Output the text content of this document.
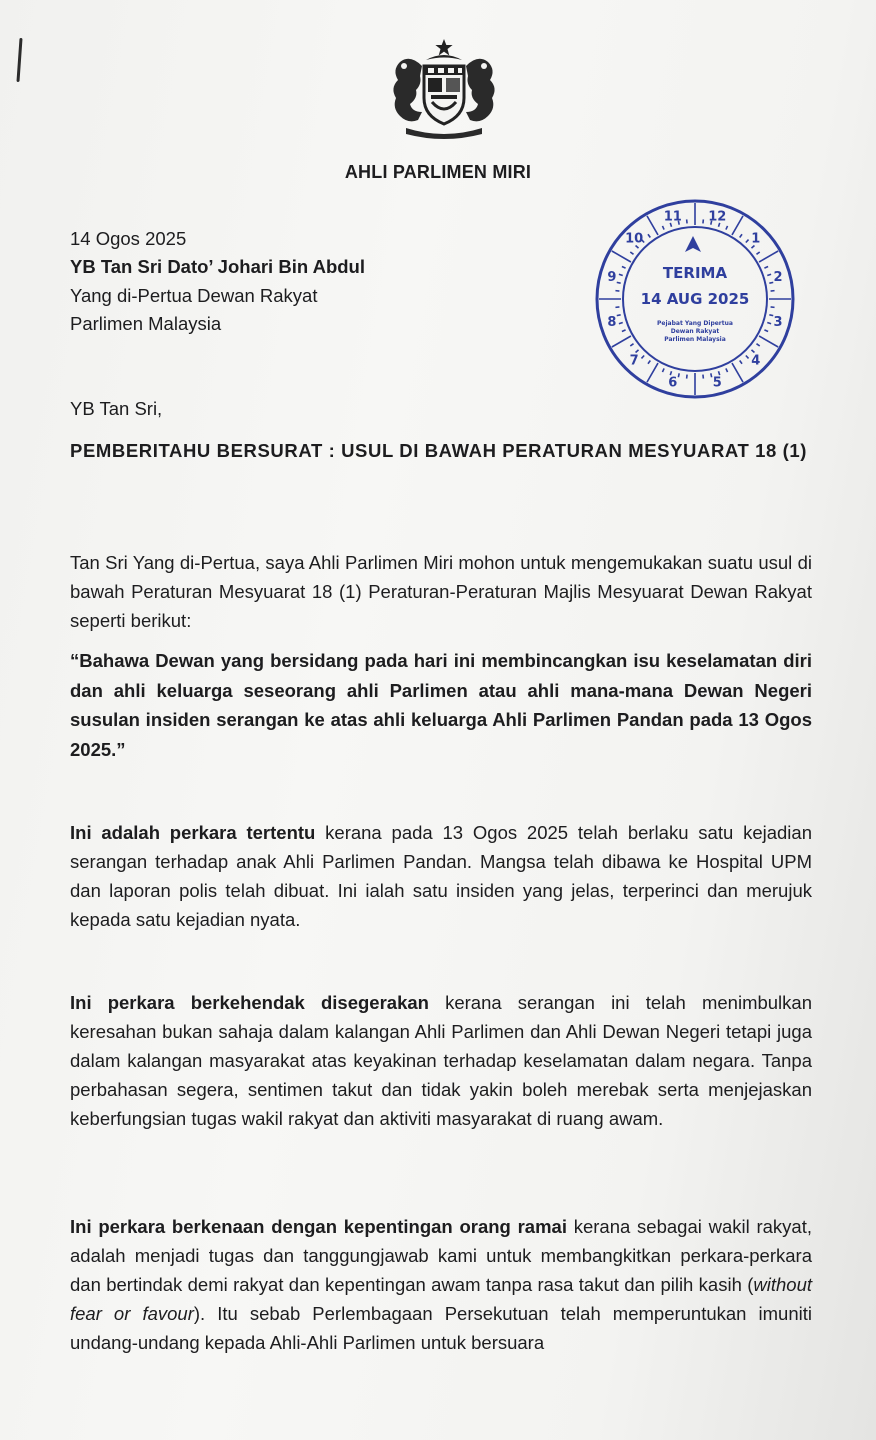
AHLI PARLIMEN MIRI
14 Ogos 2025
YB Tan Sri Dato’ Johari Bin Abdul
Yang di-Pertua Dewan Rakyat
Parlimen Malaysia
YB Tan Sri,
PEMBERITAHU BERSURAT : USUL DI BAWAH PERATURAN MESYUARAT 18 (1)
Tan Sri Yang di-Pertua, saya Ahli Parlimen Miri mohon untuk mengemukakan suatu usul di bawah Peraturan Mesyuarat 18 (1) Peraturan-Peraturan Majlis Mesyuarat Dewan Rakyat seperti berikut:
“Bahawa Dewan yang bersidang pada hari ini membincangkan isu keselamatan diri dan ahli keluarga seseorang ahli Parlimen atau ahli mana-mana Dewan Negeri susulan insiden serangan ke atas ahli keluarga Ahli Parlimen Pandan pada 13 Ogos 2025.”
Ini adalah perkara tertentu kerana pada 13 Ogos 2025 telah berlaku satu kejadian serangan terhadap anak Ahli Parlimen Pandan. Mangsa telah dibawa ke Hospital UPM dan laporan polis telah dibuat. Ini ialah satu insiden yang jelas, terperinci dan merujuk kepada satu kejadian nyata.
Ini perkara berkehendak disegerakan kerana serangan ini telah menimbulkan keresahan bukan sahaja dalam kalangan Ahli Parlimen dan Ahli Dewan Negeri tetapi juga dalam kalangan masyarakat atas keyakinan terhadap keselamatan dalam negara. Tanpa perbahasan segera, sentimen takut dan tidak yakin boleh merebak serta menjejaskan keberfungsian tugas wakil rakyat dan aktiviti masyarakat di ruang awam.
Ini perkara berkenaan dengan kepentingan orang ramai kerana sebagai wakil rakyat, adalah menjadi tugas dan tanggungjawab kami untuk membangkitkan perkara-perkara dan bertindak demi rakyat dan kepentingan awam tanpa rasa takut dan pilih kasih (without fear or favour). Itu sebab Perlembagaan Persekutuan telah memperuntukan imuniti undang-undang kepada Ahli-Ahli Parlimen untuk bersuara
12
1
2
3
4
5
6
7
8
9
10
11
TERIMA
14 AUG 2025
Pejabat Yang Dipertua
Dewan Rakyat
Parlimen Malaysia
